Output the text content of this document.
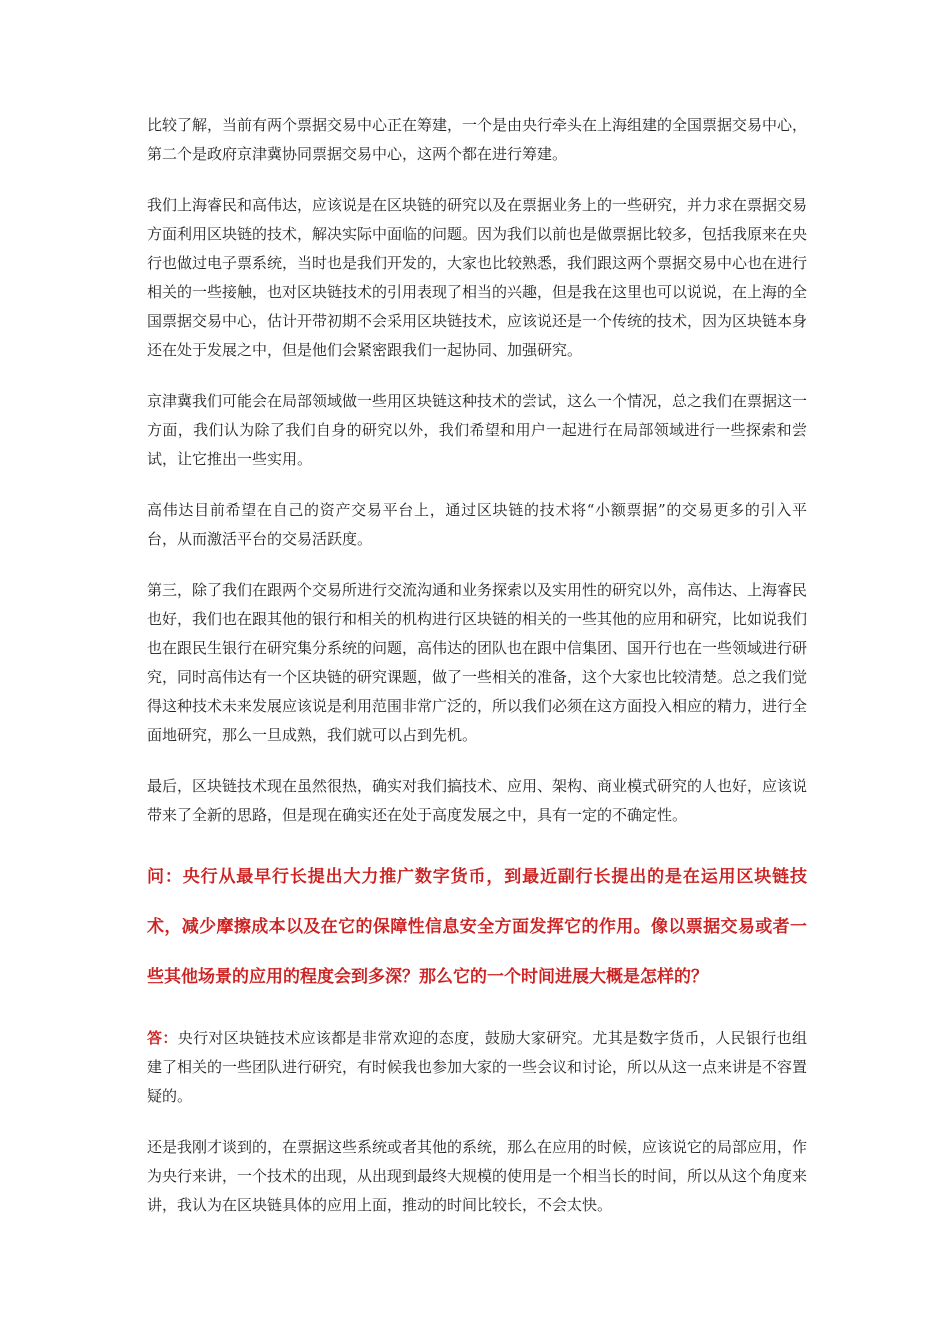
比较了解，当前有两个票据交易中心正在筹建，一个是由央行牵头在上海组建的全国票据交易中心，第二个是政府京津冀协同票据交易中心，这两个都在进行筹建。

我们上海睿民和高伟达，应该说是在区块链的研究以及在票据业务上的一些研究，并力求在票据交易方面利用区块链的技术，解决实际中面临的问题。因为我们以前也是做票据比较多，包括我原来在央行也做过电子票系统，当时也是我们开发的，大家也比较熟悉，我们跟这两个票据交易中心也在进行相关的一些接触，也对区块链技术的引用表现了相当的兴趣，但是我在这里也可以说说，在上海的全国票据交易中心，估计开带初期不会采用区块链技术，应该说还是一个传统的技术，因为区块链本身还在处于发展之中，但是他们会紧密跟我们一起协同、加强研究。

京津冀我们可能会在局部领域做一些用区块链这种技术的尝试，这么一个情况，总之我们在票据这一方面，我们认为除了我们自身的研究以外，我们希望和用户一起进行在局部领域进行一些探索和尝试，让它推出一些实用。

高伟达目前希望在自己的资产交易平台上，通过区块链的技术将“小额票据”的交易更多的引入平台，从而激活平台的交易活跃度。

第三，除了我们在跟两个交易所进行交流沟通和业务探索以及实用性的研究以外，高伟达、上海睿民也好，我们也在跟其他的银行和相关的机构进行区块链的相关的一些其他的应用和研究，比如说我们也在跟民生银行在研究集分系统的问题，高伟达的团队也在跟中信集团、国开行也在一些领域进行研究，同时高伟达有一个区块链的研究课题，做了一些相关的准备，这个大家也比较清楚。总之我们觉得这种技术未来发展应该说是利用范围非常广泛的，所以我们必须在这方面投入相应的精力，进行全面地研究，那么一旦成熟，我们就可以占到先机。

最后，区块链技术现在虽然很热，确实对我们搞技术、应用、架构、商业模式研究的人也好，应该说带来了全新的思路，但是现在确实还在处于高度发展之中，具有一定的不确定性。

问：央行从最早行长提出大力推广数字货币，到最近副行长提出的是在运用区块链技术，减少摩擦成本以及在它的保障性信息安全方面发挥它的作用。像以票据交易或者一些其他场景的应用的程度会到多深？那么它的一个时间进展大概是怎样的？

答：央行对区块链技术应该都是非常欢迎的态度，鼓励大家研究。尤其是数字货币，人民银行也组建了相关的一些团队进行研究，有时候我也参加大家的一些会议和讨论，所以从这一点来讲是不容置疑的。

还是我刚才谈到的，在票据这些系统或者其他的系统，那么在应用的时候，应该说它的局部应用，作为央行来讲，一个技术的出现，从出现到最终大规模的使用是一个相当长的时间，所以从这个角度来讲，我认为在区块链具体的应用上面，推动的时间比较长，不会太快。
